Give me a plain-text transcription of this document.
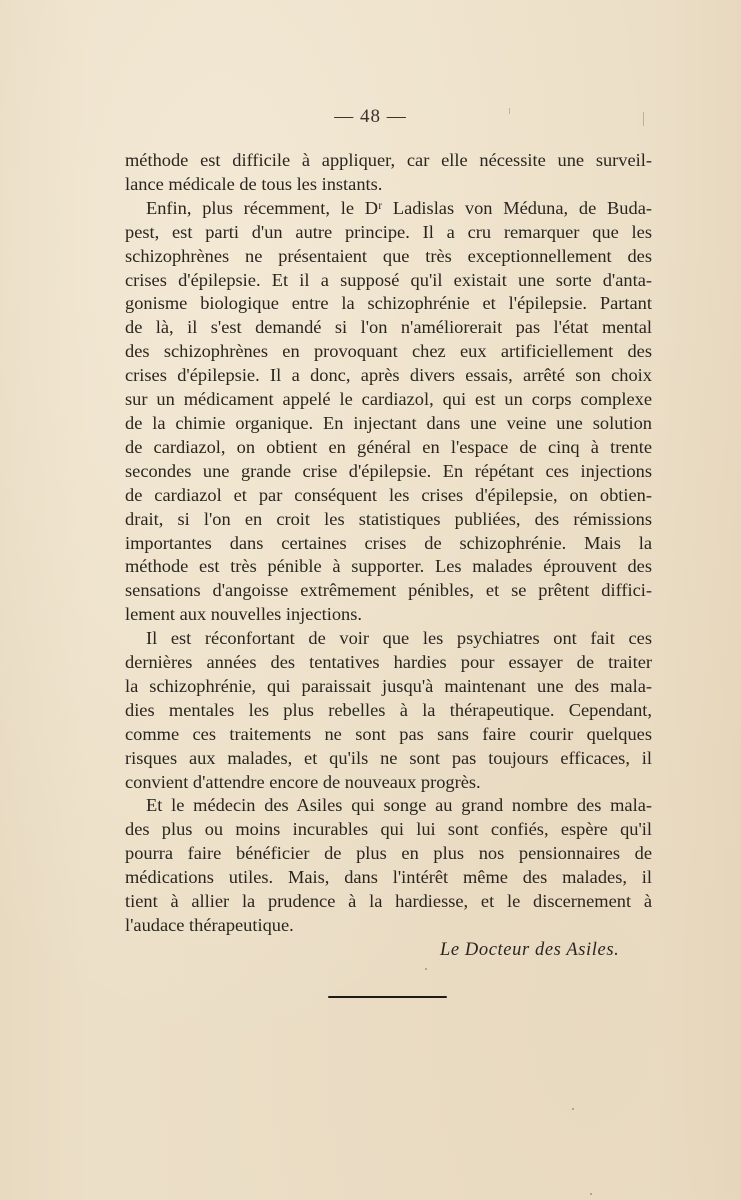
— 48 —
méthode est difficile à appliquer, car elle nécessite une surveil-
lance médicale de tous les instants.
Enfin, plus récemment, le Dʳ Ladislas von Méduna, de Buda-
pest, est parti d'un autre principe. Il a cru remarquer que les
schizophrènes ne présentaient que très exceptionnellement des
crises d'épilepsie. Et il a supposé qu'il existait une sorte d'anta-
gonisme biologique entre la schizophrénie et l'épilepsie. Partant
de là, il s'est demandé si l'on n'améliorerait pas l'état mental
des schizophrènes en provoquant chez eux artificiellement des
crises d'épilepsie. Il a donc, après divers essais, arrêté son choix
sur un médicament appelé le cardiazol, qui est un corps complexe
de la chimie organique. En injectant dans une veine une solution
de cardiazol, on obtient en général en l'espace de cinq à trente
secondes une grande crise d'épilepsie. En répétant ces injections
de cardiazol et par conséquent les crises d'épilepsie, on obtien-
drait, si l'on en croit les statistiques publiées, des rémissions
importantes dans certaines crises de schizophrénie. Mais la
méthode est très pénible à supporter. Les malades éprouvent des
sensations d'angoisse extrêmement pénibles, et se prêtent diffici-
lement aux nouvelles injections.
Il est réconfortant de voir que les psychiatres ont fait ces
dernières années des tentatives hardies pour essayer de traiter
la schizophrénie, qui paraissait jusqu'à maintenant une des mala-
dies mentales les plus rebelles à la thérapeutique. Cependant,
comme ces traitements ne sont pas sans faire courir quelques
risques aux malades, et qu'ils ne sont pas toujours efficaces, il
convient d'attendre encore de nouveaux progrès.
Et le médecin des Asiles qui songe au grand nombre des mala-
des plus ou moins incurables qui lui sont confiés, espère qu'il
pourra faire bénéficier de plus en plus nos pensionnaires de
médications utiles. Mais, dans l'intérêt même des malades, il
tient à allier la prudence à la hardiesse, et le discernement à
l'audace thérapeutique.
Le Docteur des Asiles.
